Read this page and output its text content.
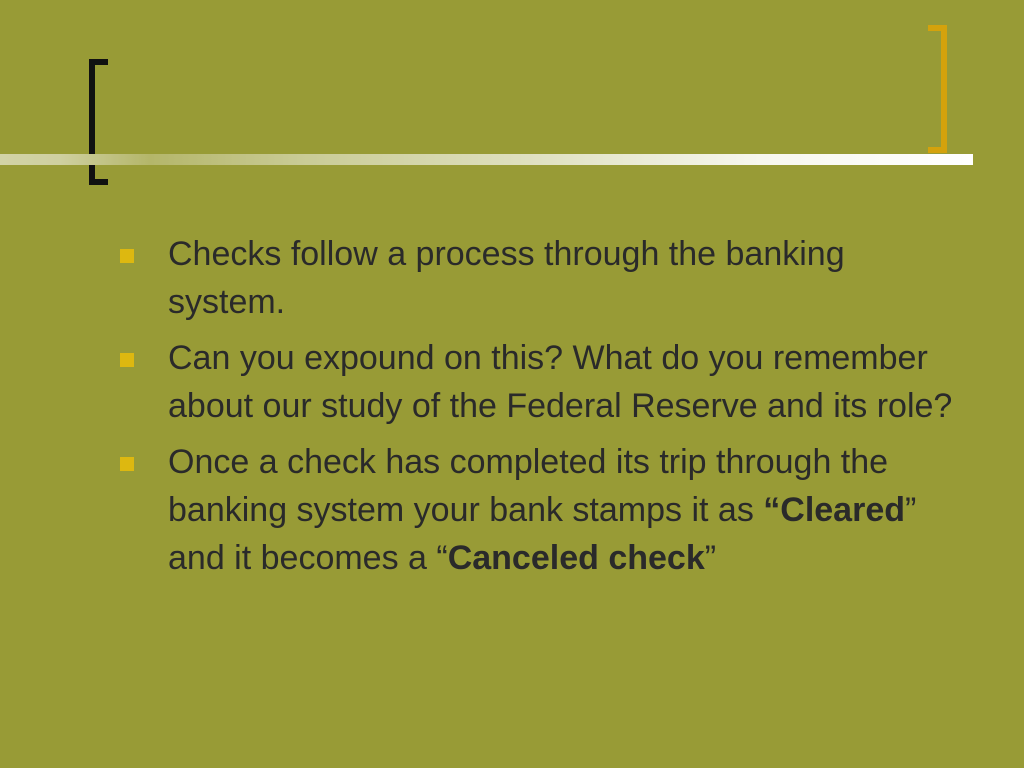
Checks follow a process through the banking system.
Can you expound on this? What do you remember about our study of the Federal Reserve and its role?
Once a check has completed its trip through the banking system your bank stamps it as “Cleared” and it becomes a “Canceled check”
